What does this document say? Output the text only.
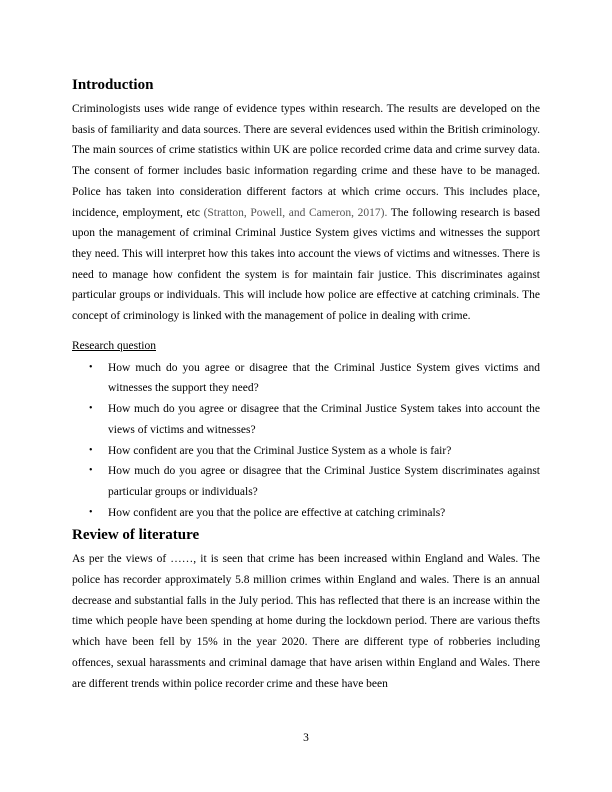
Introduction

Criminologists uses wide range of evidence types within research. The results are developed on the basis of familiarity and data sources. There are several evidences used within the British criminology. The main sources of crime statistics within UK are police recorded crime data and crime survey data. The consent of former includes basic information regarding crime and these have to be managed. Police has taken into consideration different factors at which crime occurs. This includes place, incidence, employment, etc (Stratton, Powell, and Cameron, 2017). The following research is based upon the management of criminal Criminal Justice System gives victims and witnesses the support they need. This will interpret how this takes into account the views of victims and witnesses. There is need to manage how confident the system is for maintain fair justice. This discriminates against particular groups or individuals. This will include how police are effective at catching criminals. The concept of criminology is linked with the management of police in dealing with crime.

Research question
• How much do you agree or disagree that the Criminal Justice System gives victims and witnesses the support they need?
• How much do you agree or disagree that the Criminal Justice System takes into account the views of victims and witnesses?
• How confident are you that the Criminal Justice System as a whole is fair?
• How much do you agree or disagree that the Criminal Justice System discriminates against particular groups or individuals?
• How confident are you that the police are effective at catching criminals?
Review of literature

As per the views of ……, it is seen that crime has been increased within England and Wales. The police has recorder approximately 5.8 million crimes within England and wales. There is an annual decrease and substantial falls in the July period. This has reflected that there is an increase within the time which people have been spending at home during the lockdown period. There are various thefts which have been fell by 15% in the year 2020. There are different type of robberies including offences, sexual harassments and criminal damage that have arisen within England and Wales. There are different trends within police recorder crime and these have been

3
